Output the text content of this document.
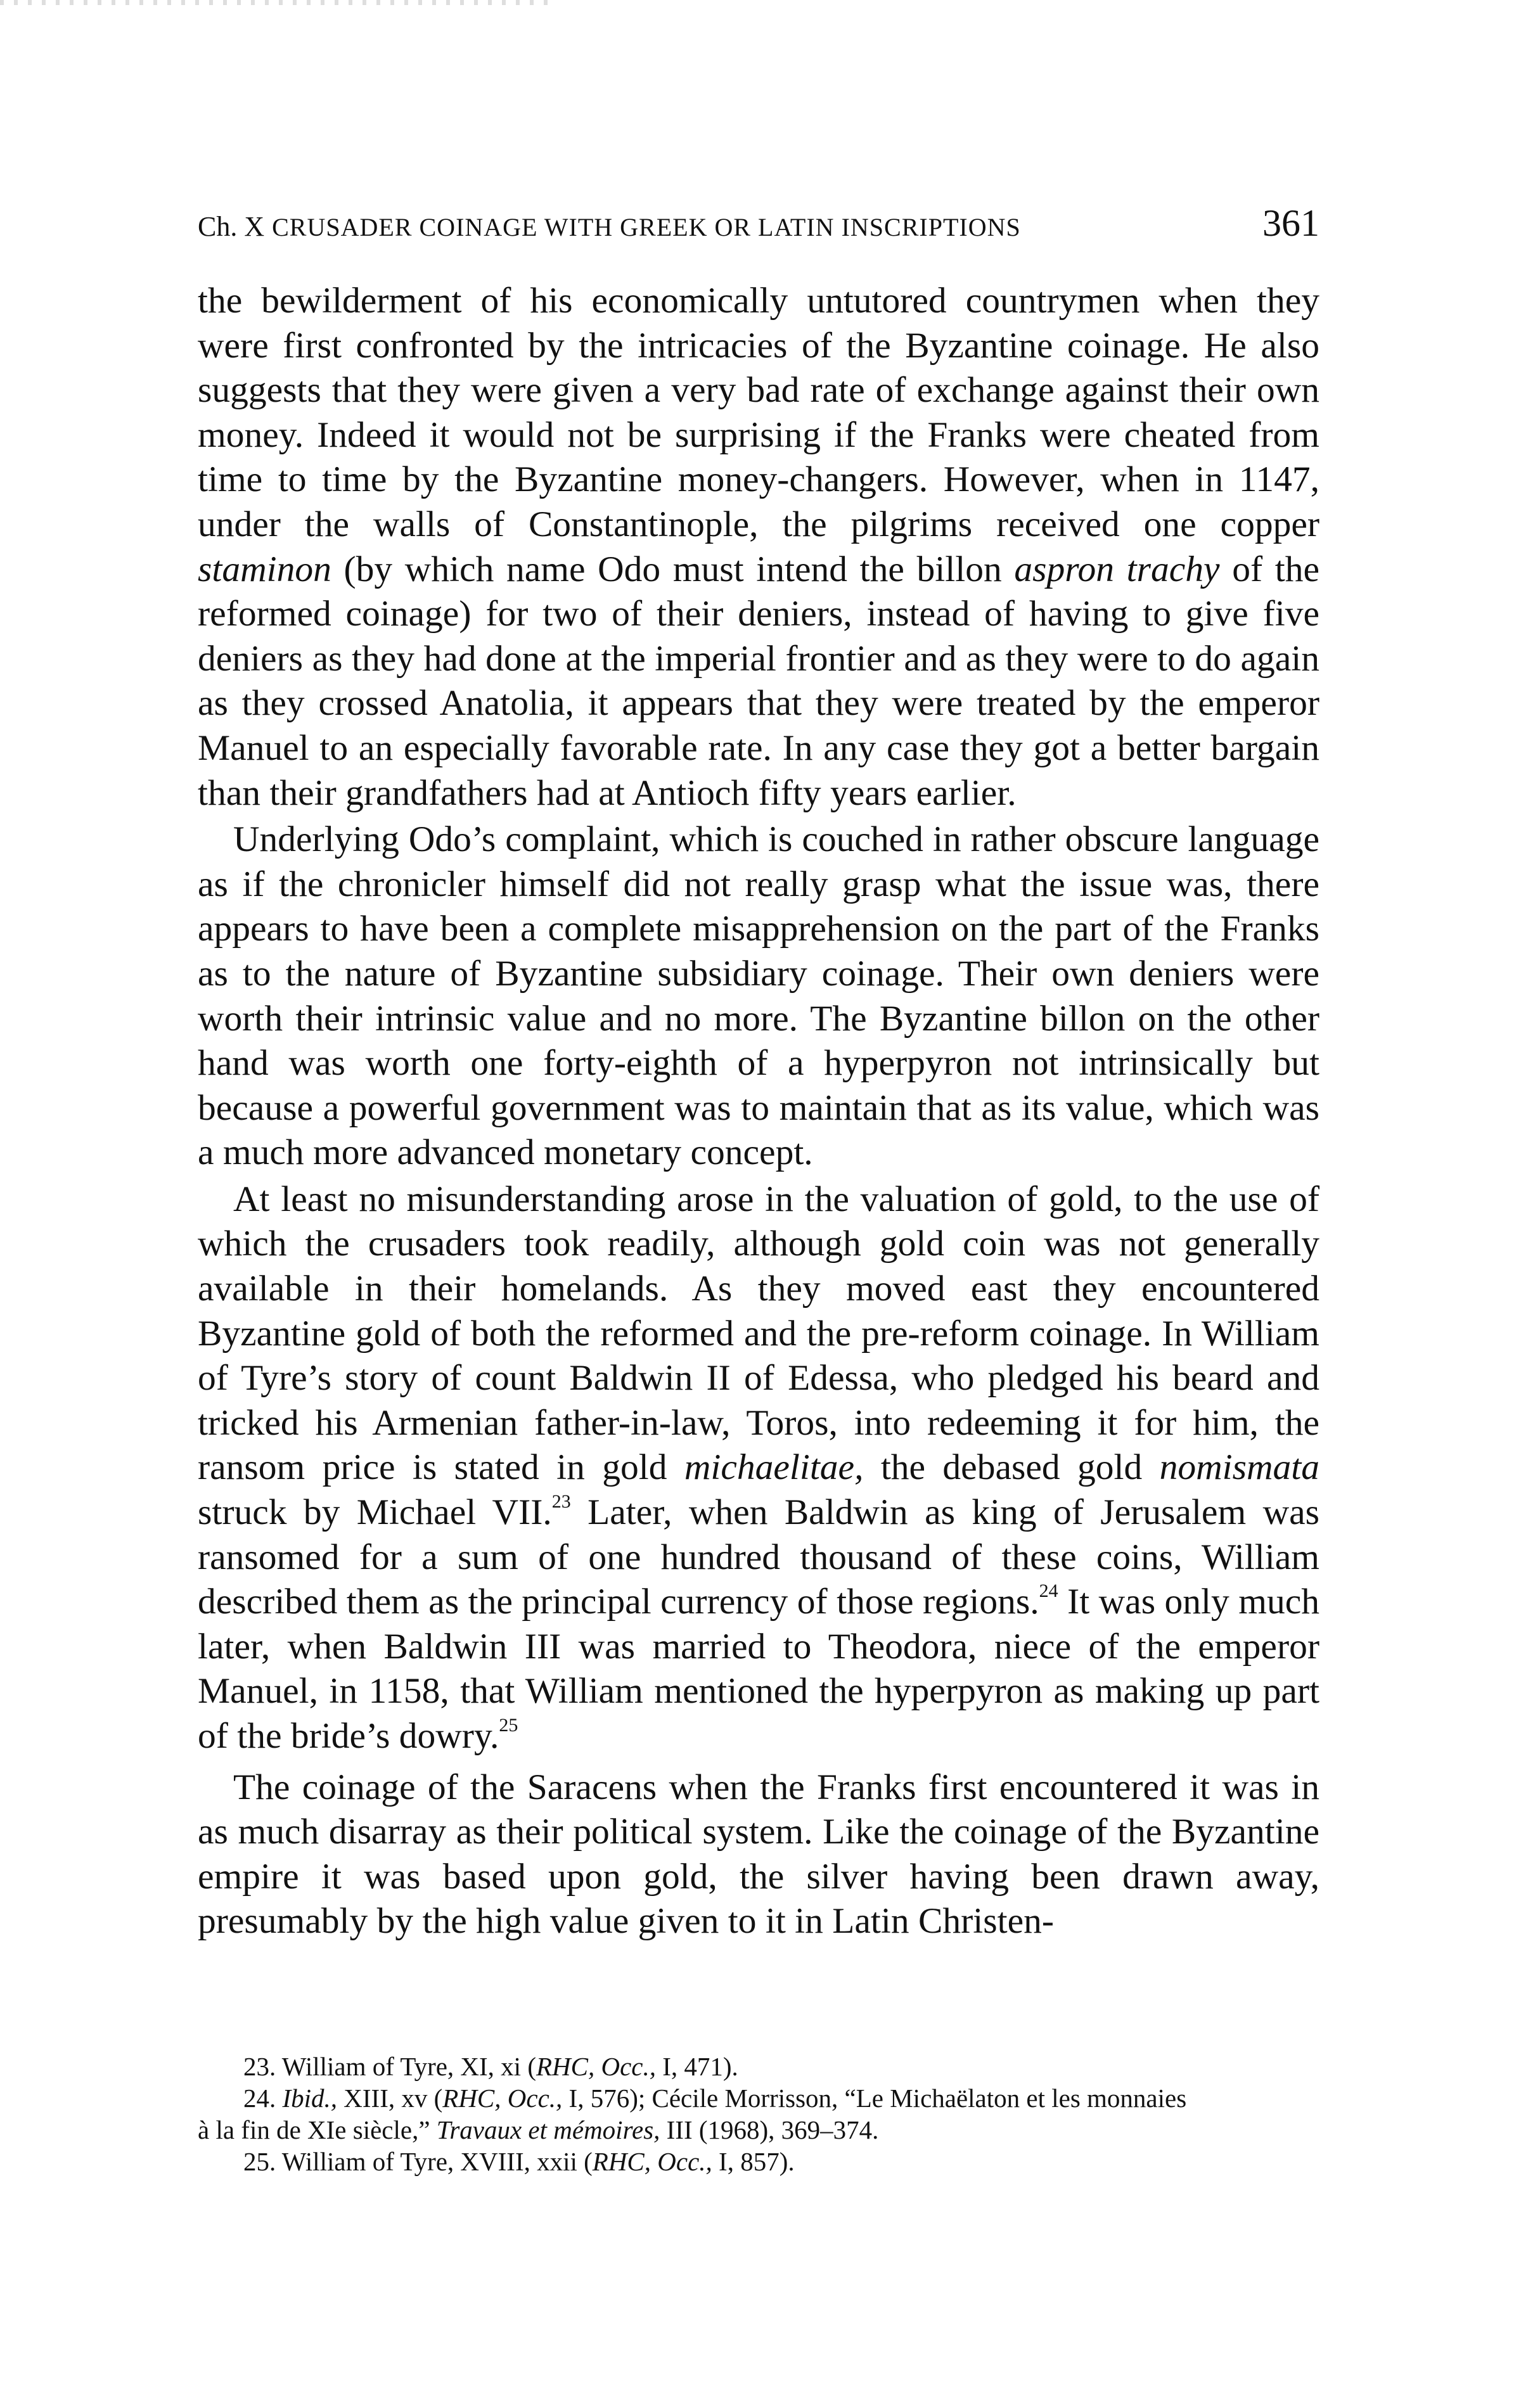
Ch. X CRUSADER COINAGE WITH GREEK OR LATIN INSCRIPTIONS	361

the bewilderment of his economically untutored countrymen when they were first confronted by the intricacies of the Byzantine coinage. He also suggests that they were given a very bad rate of exchange against their own money. Indeed it would not be surprising if the Franks were cheated from time to time by the Byzantine money-changers. However, when in 1147, under the walls of Constantinople, the pilgrims received one copper staminon (by which name Odo must intend the billon aspron trachy of the reformed coinage) for two of their deniers, instead of having to give five deniers as they had done at the imperial frontier and as they were to do again as they crossed Anatolia, it appears that they were treated by the emperor Manuel to an especially favorable rate. In any case they got a better bargain than their grandfathers had at Antioch fifty years earlier.

Underlying Odo’s complaint, which is couched in rather obscure language as if the chronicler himself did not really grasp what the issue was, there appears to have been a complete misapprehension on the part of the Franks as to the nature of Byzantine subsidiary coinage. Their own deniers were worth their intrinsic value and no more. The Byzantine billon on the other hand was worth one forty-eighth of a hyperpyron not intrinsically but because a powerful government was to maintain that as its value, which was a much more advanced monetary concept.

At least no misunderstanding arose in the valuation of gold, to the use of which the crusaders took readily, although gold coin was not generally available in their homelands. As they moved east they encountered Byzantine gold of both the reformed and the pre-reform coinage. In William of Tyre’s story of count Baldwin II of Edessa, who pledged his beard and tricked his Armenian father-in-law, Toros, into redeeming it for him, the ransom price is stated in gold michaelitae, the debased gold nomismata struck by Michael VII.$^{23}$ Later, when Baldwin as king of Jerusalem was ransomed for a sum of one hundred thousand of these coins, William described them as the principal currency of those regions.$^{24}$ It was only much later, when Baldwin III was married to Theodora, niece of the emperor Manuel, in 1158, that William mentioned the hyperpyron as making up part of the bride’s dowry.$^{25}$

The coinage of the Saracens when the Franks first encountered it was in as much disarray as their political system. Like the coinage of the Byzantine empire it was based upon gold, the silver having been drawn away, presumably by the high value given to it in Latin Christen-

23. William of Tyre, XI, xi (RHC, Occ., I, 471).

24. Ibid., XIII, xv (RHC, Occ., I, 576); Cécile Morrisson, “Le Michaëlaton et les monnaies

à la fin de XIe siècle,” Travaux et mémoires, III (1968), 369–374.

25. William of Tyre, XVIII, xxii (RHC, Occ., I, 857).
